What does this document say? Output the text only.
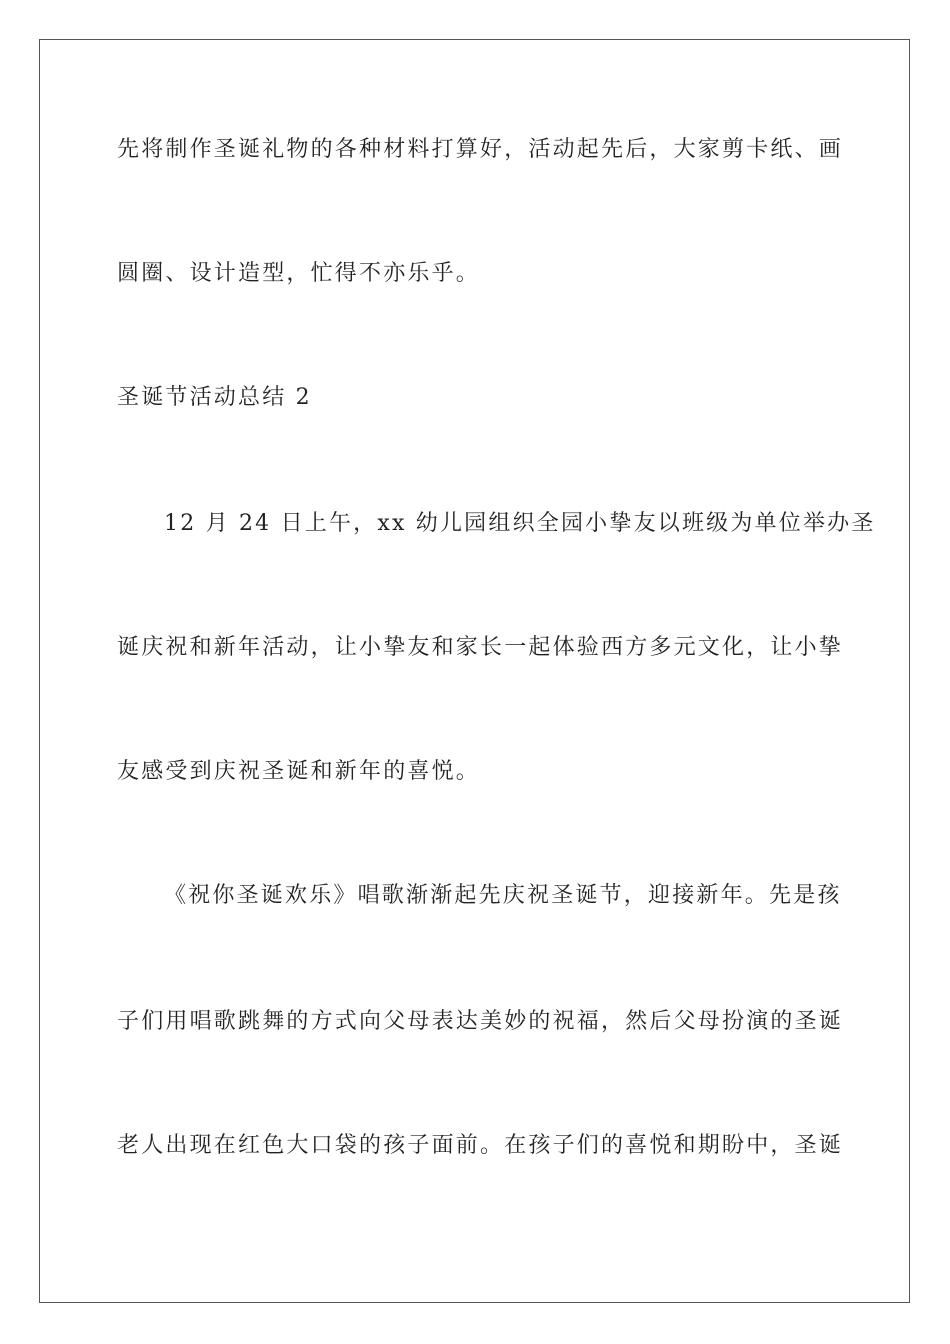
先将制作圣诞礼物的各种材料打算好，活动起先后，大家剪卡纸、画

圆圈、设计造型，忙得不亦乐乎。

圣诞节活动总结 2

12 月 24 日上午，xx 幼儿园组织全园小挚友以班级为单位举办圣

诞庆祝和新年活动，让小挚友和家长一起体验西方多元文化，让小挚

友感受到庆祝圣诞和新年的喜悦。

《祝你圣诞欢乐》唱歌渐渐起先庆祝圣诞节，迎接新年。先是孩

子们用唱歌跳舞的方式向父母表达美妙的祝福，然后父母扮演的圣诞

老人出现在红色大口袋的孩子面前。在孩子们的喜悦和期盼中，圣诞
